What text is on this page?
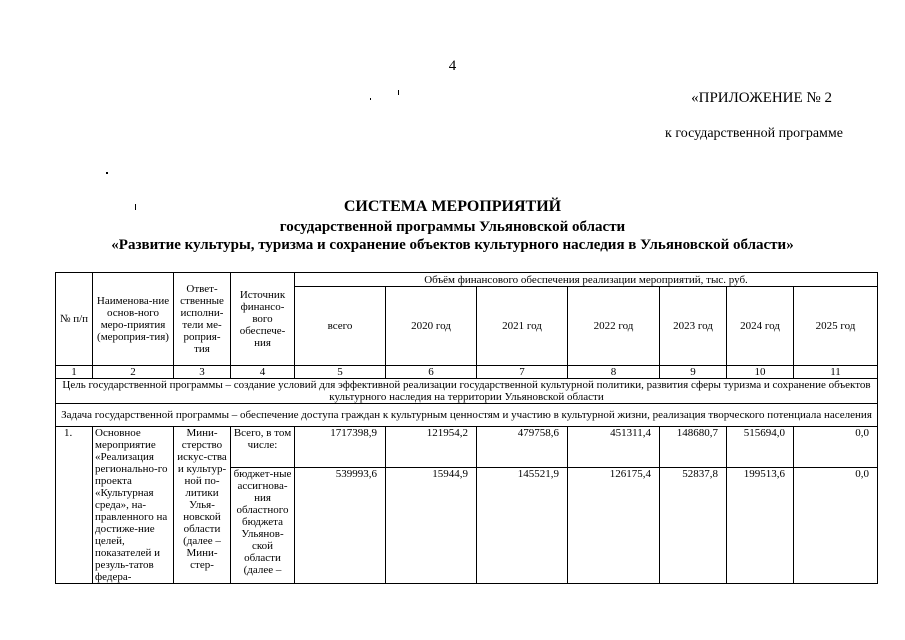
4
«ПРИЛОЖЕНИЕ № 2
к государственной программе
СИСТЕМА МЕРОПРИЯТИЙ
государственной программы Ульяновской области
«Развитие культуры, туризма и сохранение объектов культурного наследия в Ульяновской области»
№ п/п	Наименова-ние основ-ного меро-приятия (мероприя-тия)	Ответ-ственные исполни-тели ме-роприя-тия	Источник финансо-вого обеспече-ния	Объём финансового обеспечения реализации мероприятий, тыс. руб.						
				всего	2020 год	2021 год	2022 год	2023 год	2024 год	2025 год
1	2	3	4	5	6	7	8	9	10	11
Цель государственной программы – создание условий для эффективной реализации государственной культурной политики, развития сферы туризма и сохранение объектов культурного наследия на территории Ульяновской области										
Задача государственной программы – обеспечение доступа граждан к культурным ценностям и участию в культурной жизни, реализация творческого потенциала населения										
1.	Основное мероприятие «Реализация регионально-го проекта «Культурная среда», на-правленного на достиже-ние целей, показателей и резуль-татов федера-	Мини-стерство искус-ства и культур-ной по-литики Улья-новской области (далее – Мини-стер-	Всего, в том числе:	1717398,9	121954,2	479758,6	451311,4	148680,7	515694,0	0,0
			бюджет-ные ассигнова-ния областного бюджета Ульянов-ской области (далее –	539993,6	15944,9	145521,9	126175,4	52837,8	199513,6	0,0
